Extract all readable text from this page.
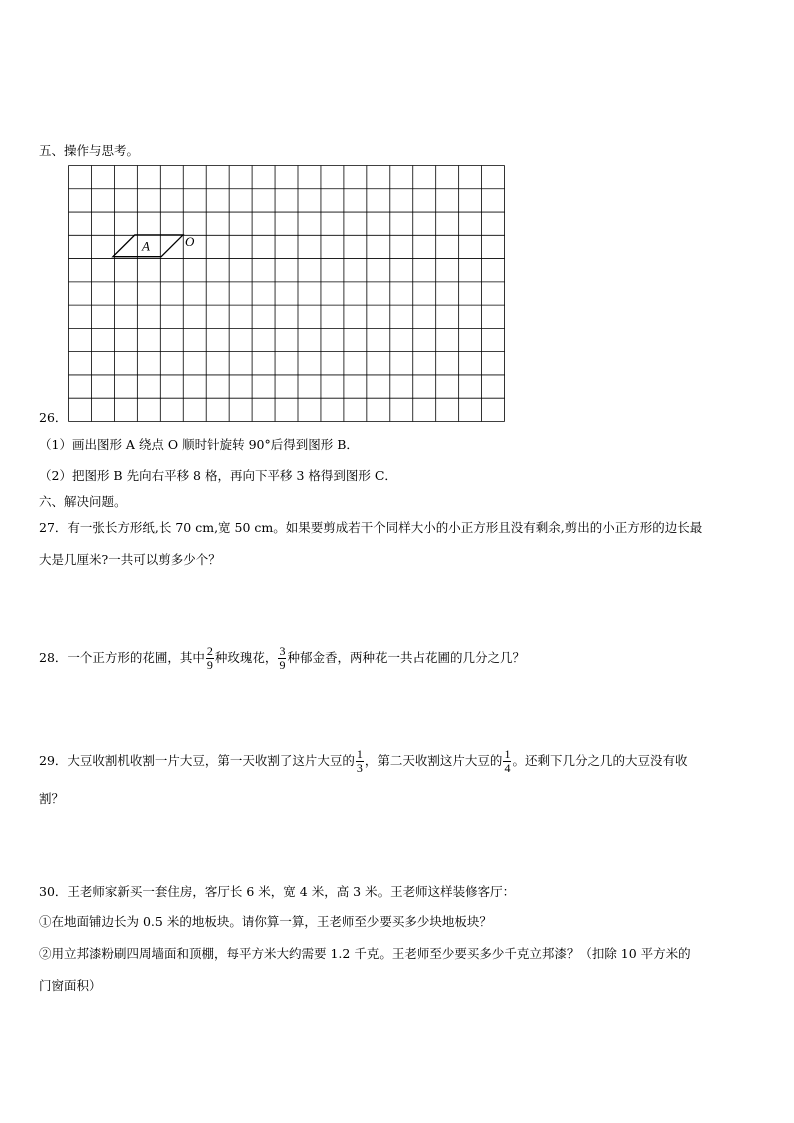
五、操作与思考。
A	O
26．
（1）画出图形 A 绕点 O 顺时针旋转 90°后得到图形 B．
（2）把图形 B 先向右平移 8 格，再向下平移 3 格得到图形 C．
六、解决问题。
27．有一张长方形纸,长 70 cm,宽 50 cm。如果要剪成若干个同样大小的小正方形且没有剩余,剪出的小正方形的边长最
大是几厘米?一共可以剪多少个？
28．一个正方形的花圃，其中 $\frac{2}{9}$ 种玫瑰花， $\frac{3}{9}$ 种郁金香，两种花一共占花圃的几分之几？
29．大豆收割机收割一片大豆，第一天收割了这片大豆的 $\frac{1}{3}$ ，第二天收割这片大豆的 $\frac{1}{4}$ 。还剩下几分之几的大豆没有收
割？
30．王老师家新买一套住房，客厅长 6 米，宽 4 米，高 3 米。王老师这样装修客厅：
①在地面铺边长为 0.5 米的地板块。请你算一算，王老师至少要买多少块地板块？
②用立邦漆粉刷四周墙面和顶棚，每平方米大约需要 1.2 千克。王老师至少要买多少千克立邦漆？（扣除 10 平方米的
门窗面积）
